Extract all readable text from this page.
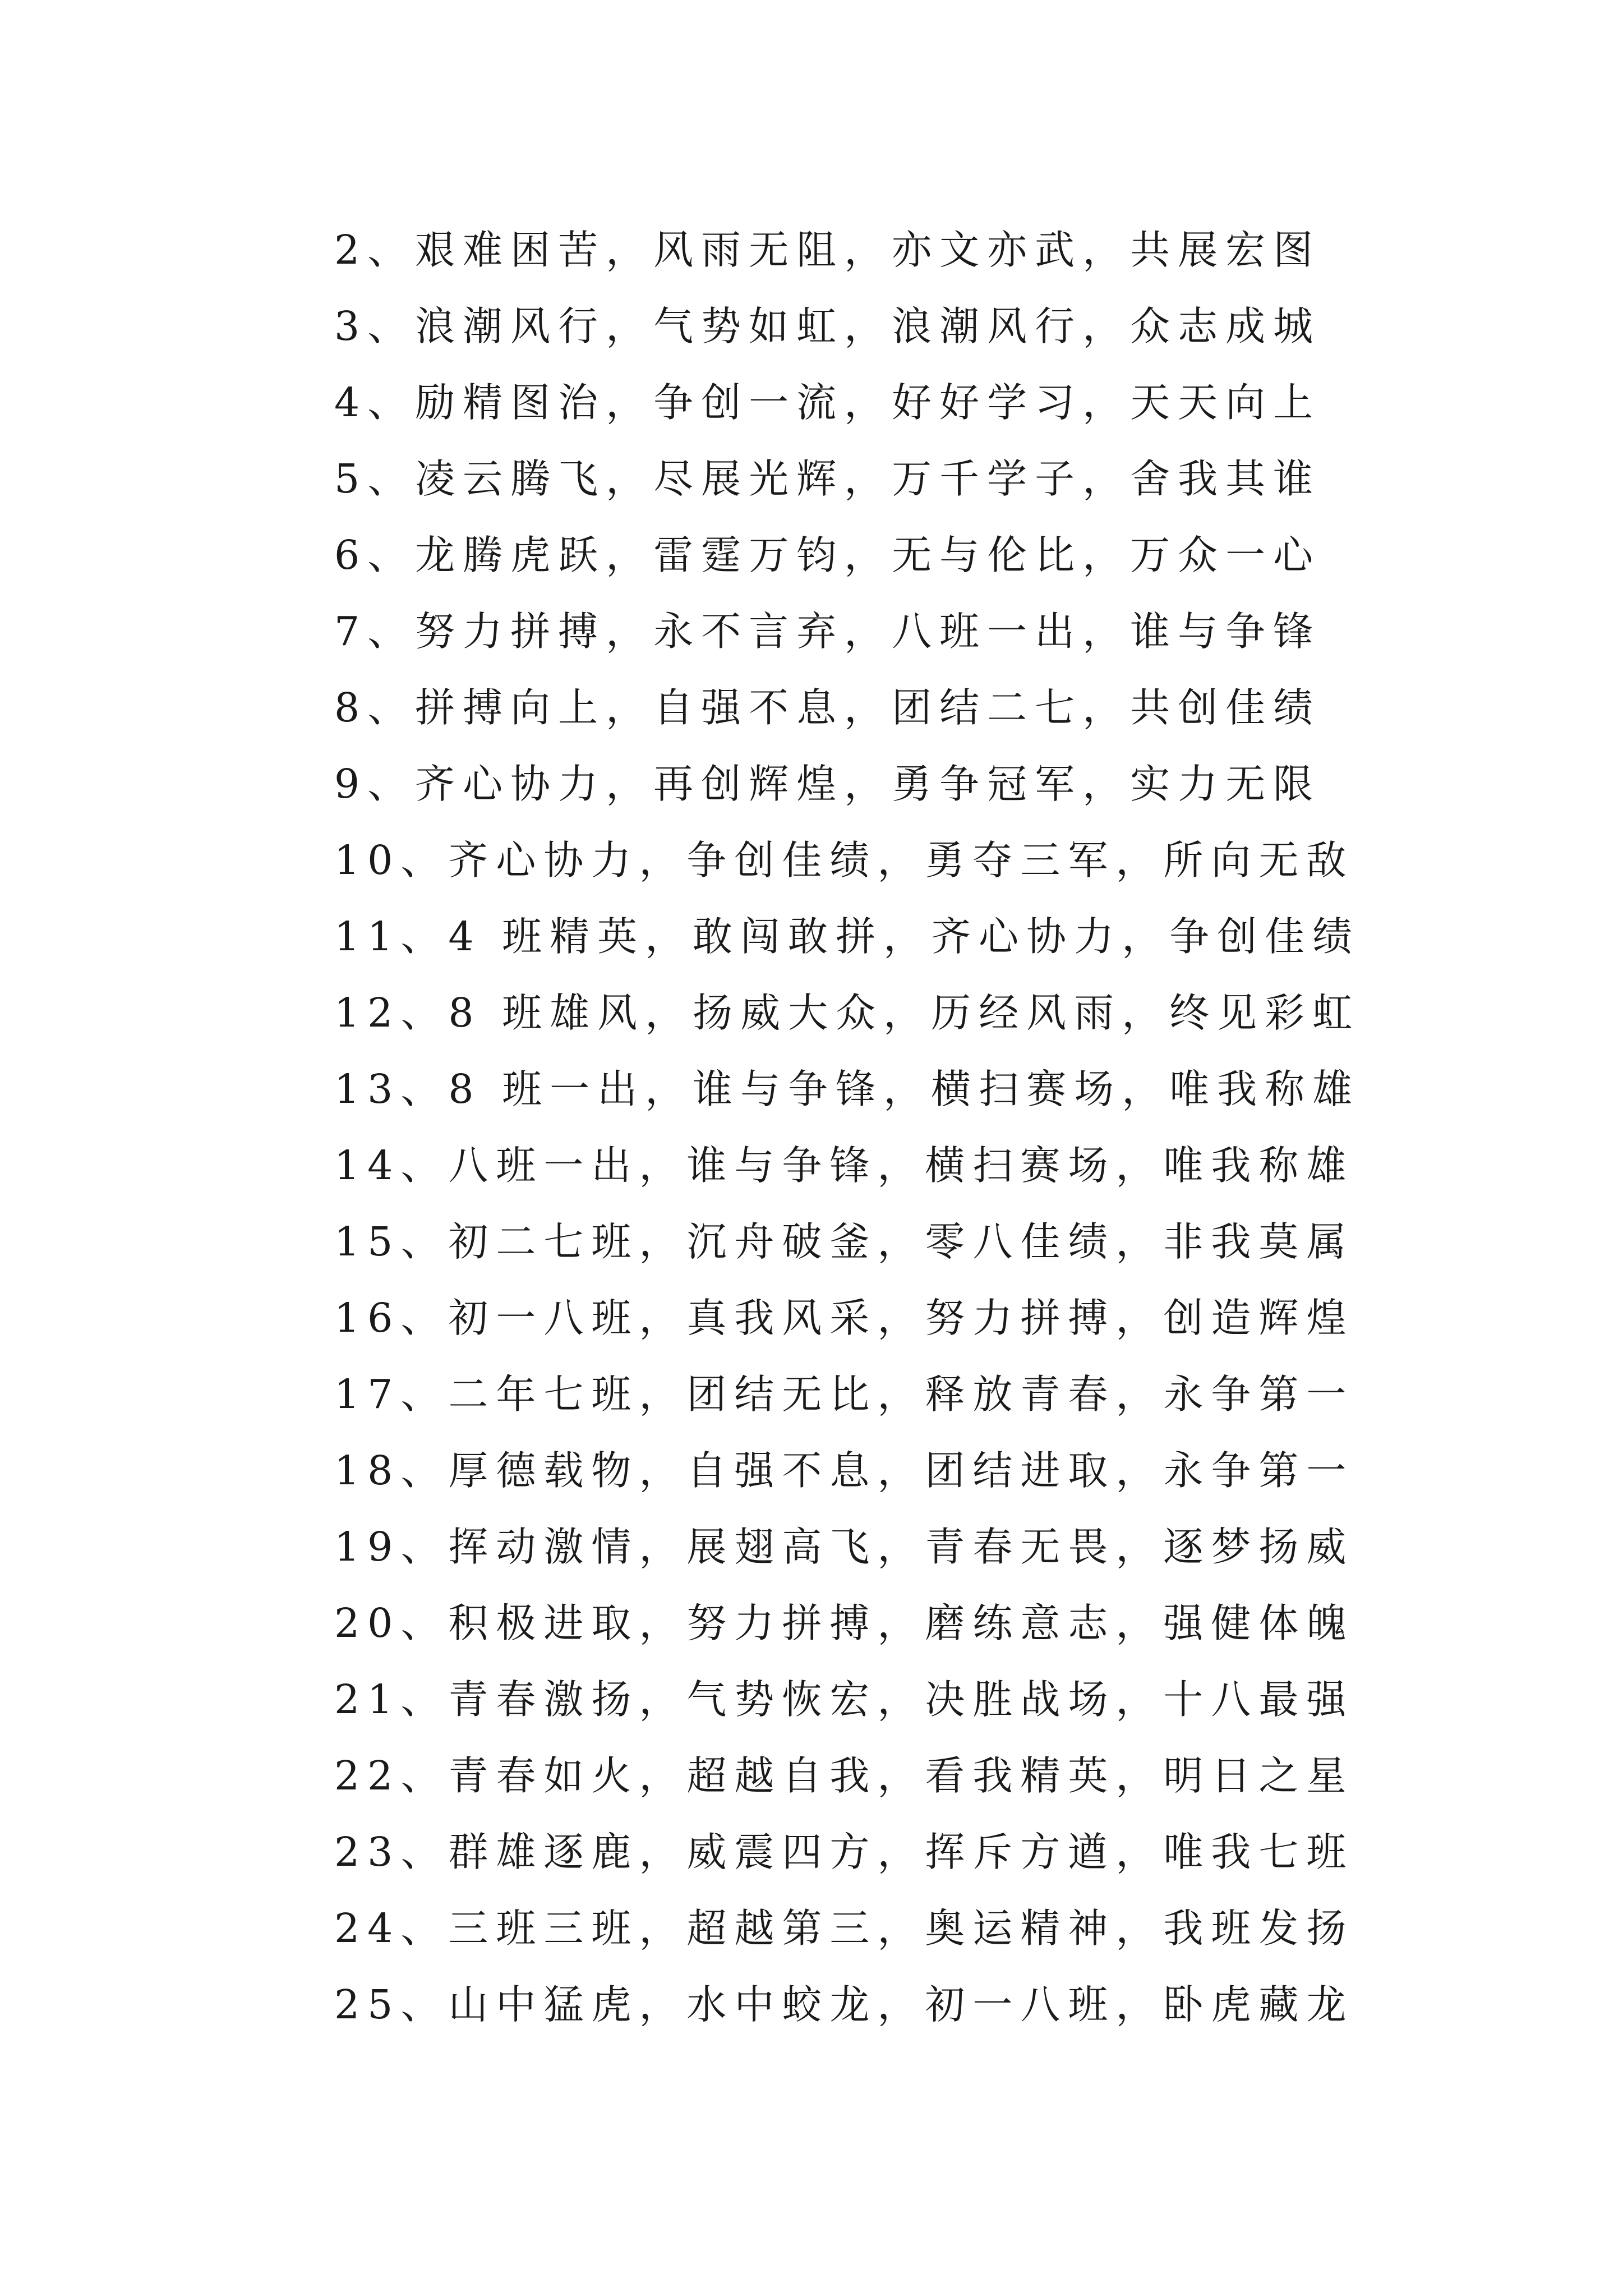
2、艰难困苦，风雨无阻，亦文亦武，共展宏图
3、浪潮风行，气势如虹，浪潮风行，众志成城
4、励精图治，争创一流，好好学习，天天向上
5、凌云腾飞，尽展光辉，万千学子，舍我其谁
6、龙腾虎跃，雷霆万钧，无与伦比，万众一心
7、努力拼搏，永不言弃，八班一出，谁与争锋
8、拼搏向上，自强不息，团结二七，共创佳绩
9、齐心协力，再创辉煌，勇争冠军，实力无限
10、齐心协力，争创佳绩，勇夺三军，所向无敌
11、4 班精英，敢闯敢拼，齐心协力，争创佳绩
12、8 班雄风，扬威大众，历经风雨，终见彩虹
13、8 班一出，谁与争锋，横扫赛场，唯我称雄
14、八班一出，谁与争锋，横扫赛场，唯我称雄
15、初二七班，沉舟破釜，零八佳绩，非我莫属
16、初一八班，真我风采，努力拼搏，创造辉煌
17、二年七班，团结无比，释放青春，永争第一
18、厚德载物，自强不息，团结进取，永争第一
19、挥动激情，展翅高飞，青春无畏，逐梦扬威
20、积极进取，努力拼搏，磨练意志，强健体魄
21、青春激扬，气势恢宏，决胜战场，十八最强
22、青春如火，超越自我，看我精英，明日之星
23、群雄逐鹿，威震四方，挥斥方遒，唯我七班
24、三班三班，超越第三，奥运精神，我班发扬
25、山中猛虎，水中蛟龙，初一八班，卧虎藏龙
